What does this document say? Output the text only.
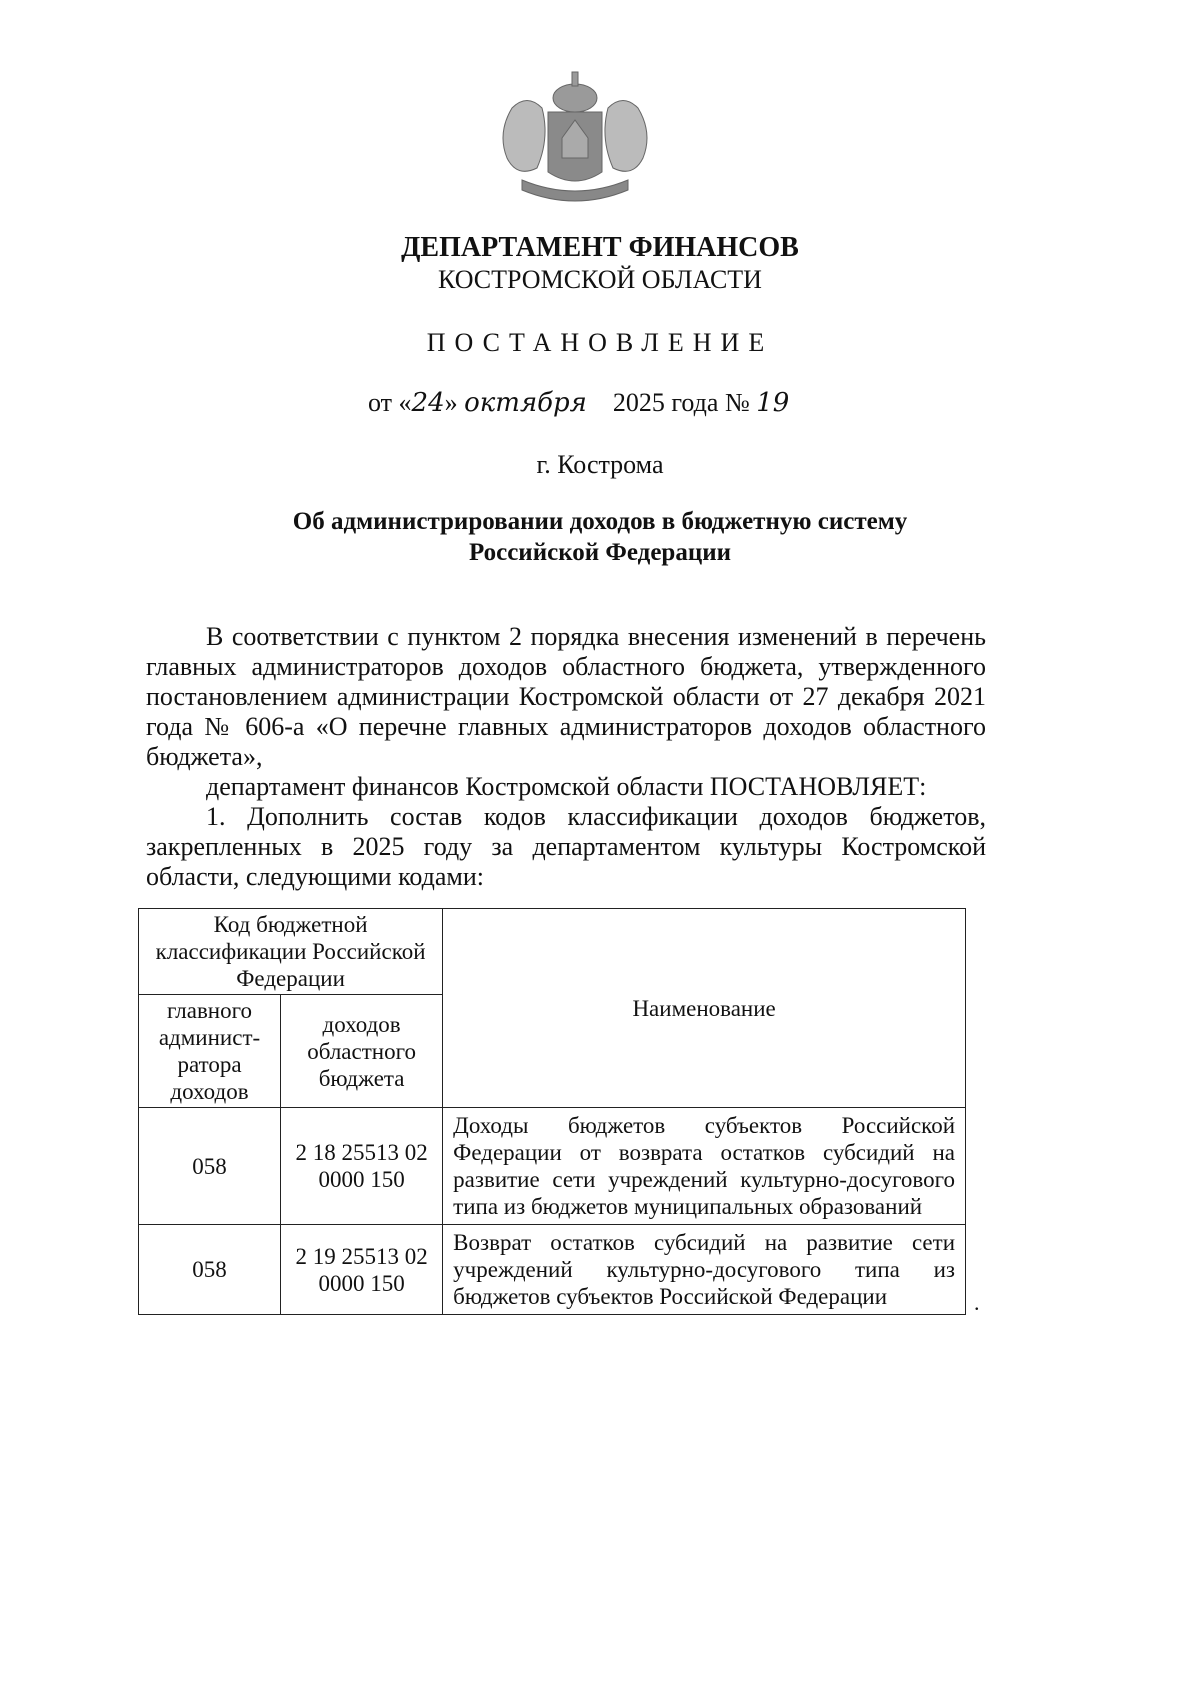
ДЕПАРТАМЕНТ ФИНАНСОВ
КОСТРОМСКОЙ ОБЛАСТИ
ПОСТАНОВЛЕНИЕ
от «24» октября 2025 года № 19
г. Кострома
Об администрировании доходов в бюджетную систему
Российской Федерации

В соответствии с пунктом 2 порядка внесения изменений в перечень главных администраторов доходов областного бюджета, утвержденного постановлением администрации Костромской области от 27 декабря 2021 года № 606-а «О перечне главных администраторов доходов областного бюджета»,

департамент финансов Костромской области ПОСТАНОВЛЯЕТ:

1. Дополнить состав кодов классификации доходов бюджетов, закрепленных в 2025 году за департаментом культуры Костромской области, следующими кодами:

Код бюджетной классификации Российской Федерации		Наименование
главного админист-ратора доходов	доходов областного бюджета	
058	2 18 25513 02 0000 150	Доходы бюджетов субъектов Российской Федерации от возврата остатков субсидий на развитие сети учреждений культурно-досугового типа из бюджетов муниципальных образований
058	2 19 25513 02 0000 150	Возврат остатков субсидий на развитие сети учреждений культурно-досугового типа из бюджетов субъектов Российской Федерации	.
